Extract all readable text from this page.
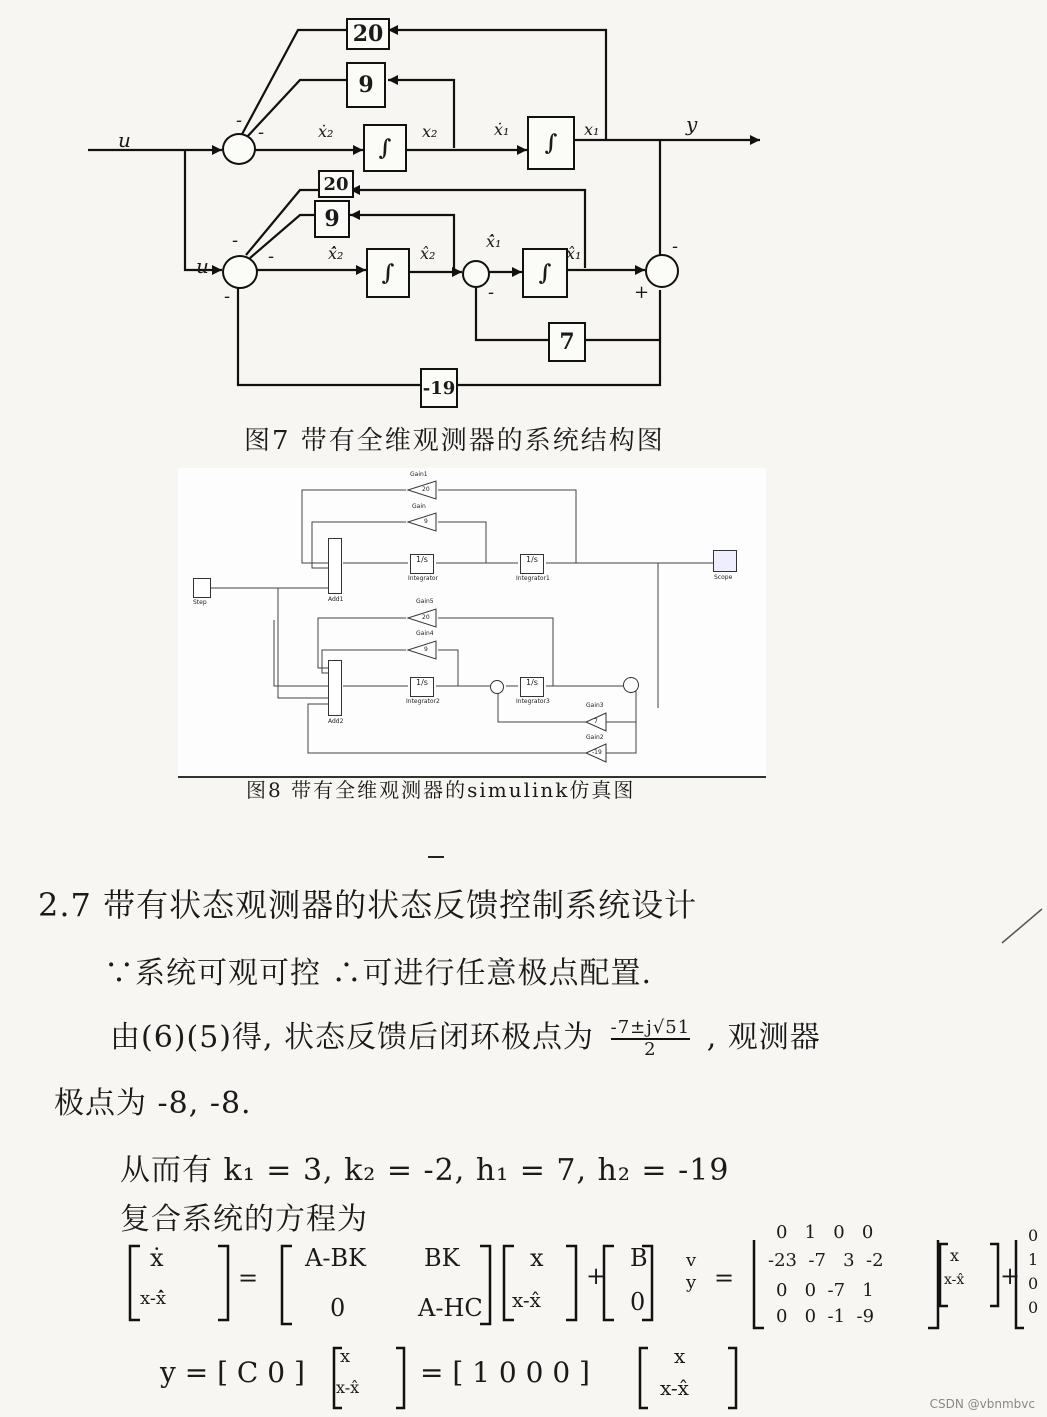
20
9
∫	∫
20
9
∫	∫
7
-19
u
u
y
ẋ₂	x₂	ẋ₁	x₁
x̂̇₂	x̂₂
x̂̇₁
x̂₁
-
-
-
-
-	-
-
+
图7 带有全维观测器的系统结构图
Step	Add1
Add2
1/s
Integrator
1/s
Integrator1
1/s
Integrator2
1/s
Integrator3
Scope
20
Gain1
9
Gain
20
Gain5
9
Gain4
7
Gain3
-19
Gain2
图8 带有全维观测器的simulink仿真图
2.7 带有状态观测器的状态反馈控制系统设计
∵系统可观可控 ∴可进行任意极点配置.
由(6)(5)得, 状态反馈后闭环极点为 $\frac{-7\pm j√51}{2}$ , 观测器
极点为 -8, -8.
从而有 k₁ = 3, k₂ = -2, h₁ = 7, h₂ = -19
复合系统的方程为
ẋ
x-x̂̇
=
A-BK BK
0	A-HC
x
x-x̂
+
B
0
v
y =
0   1   0   0
-23  -7   3  -2
0   0  -7   1
0   0  -1  -9
x
x-x̂ +
0
1
0
0
y = [ C 0 ] x
x-x̂ = [ 1 0 0 0 ]	x
x-x̂
CSDN @vbnmbvc
